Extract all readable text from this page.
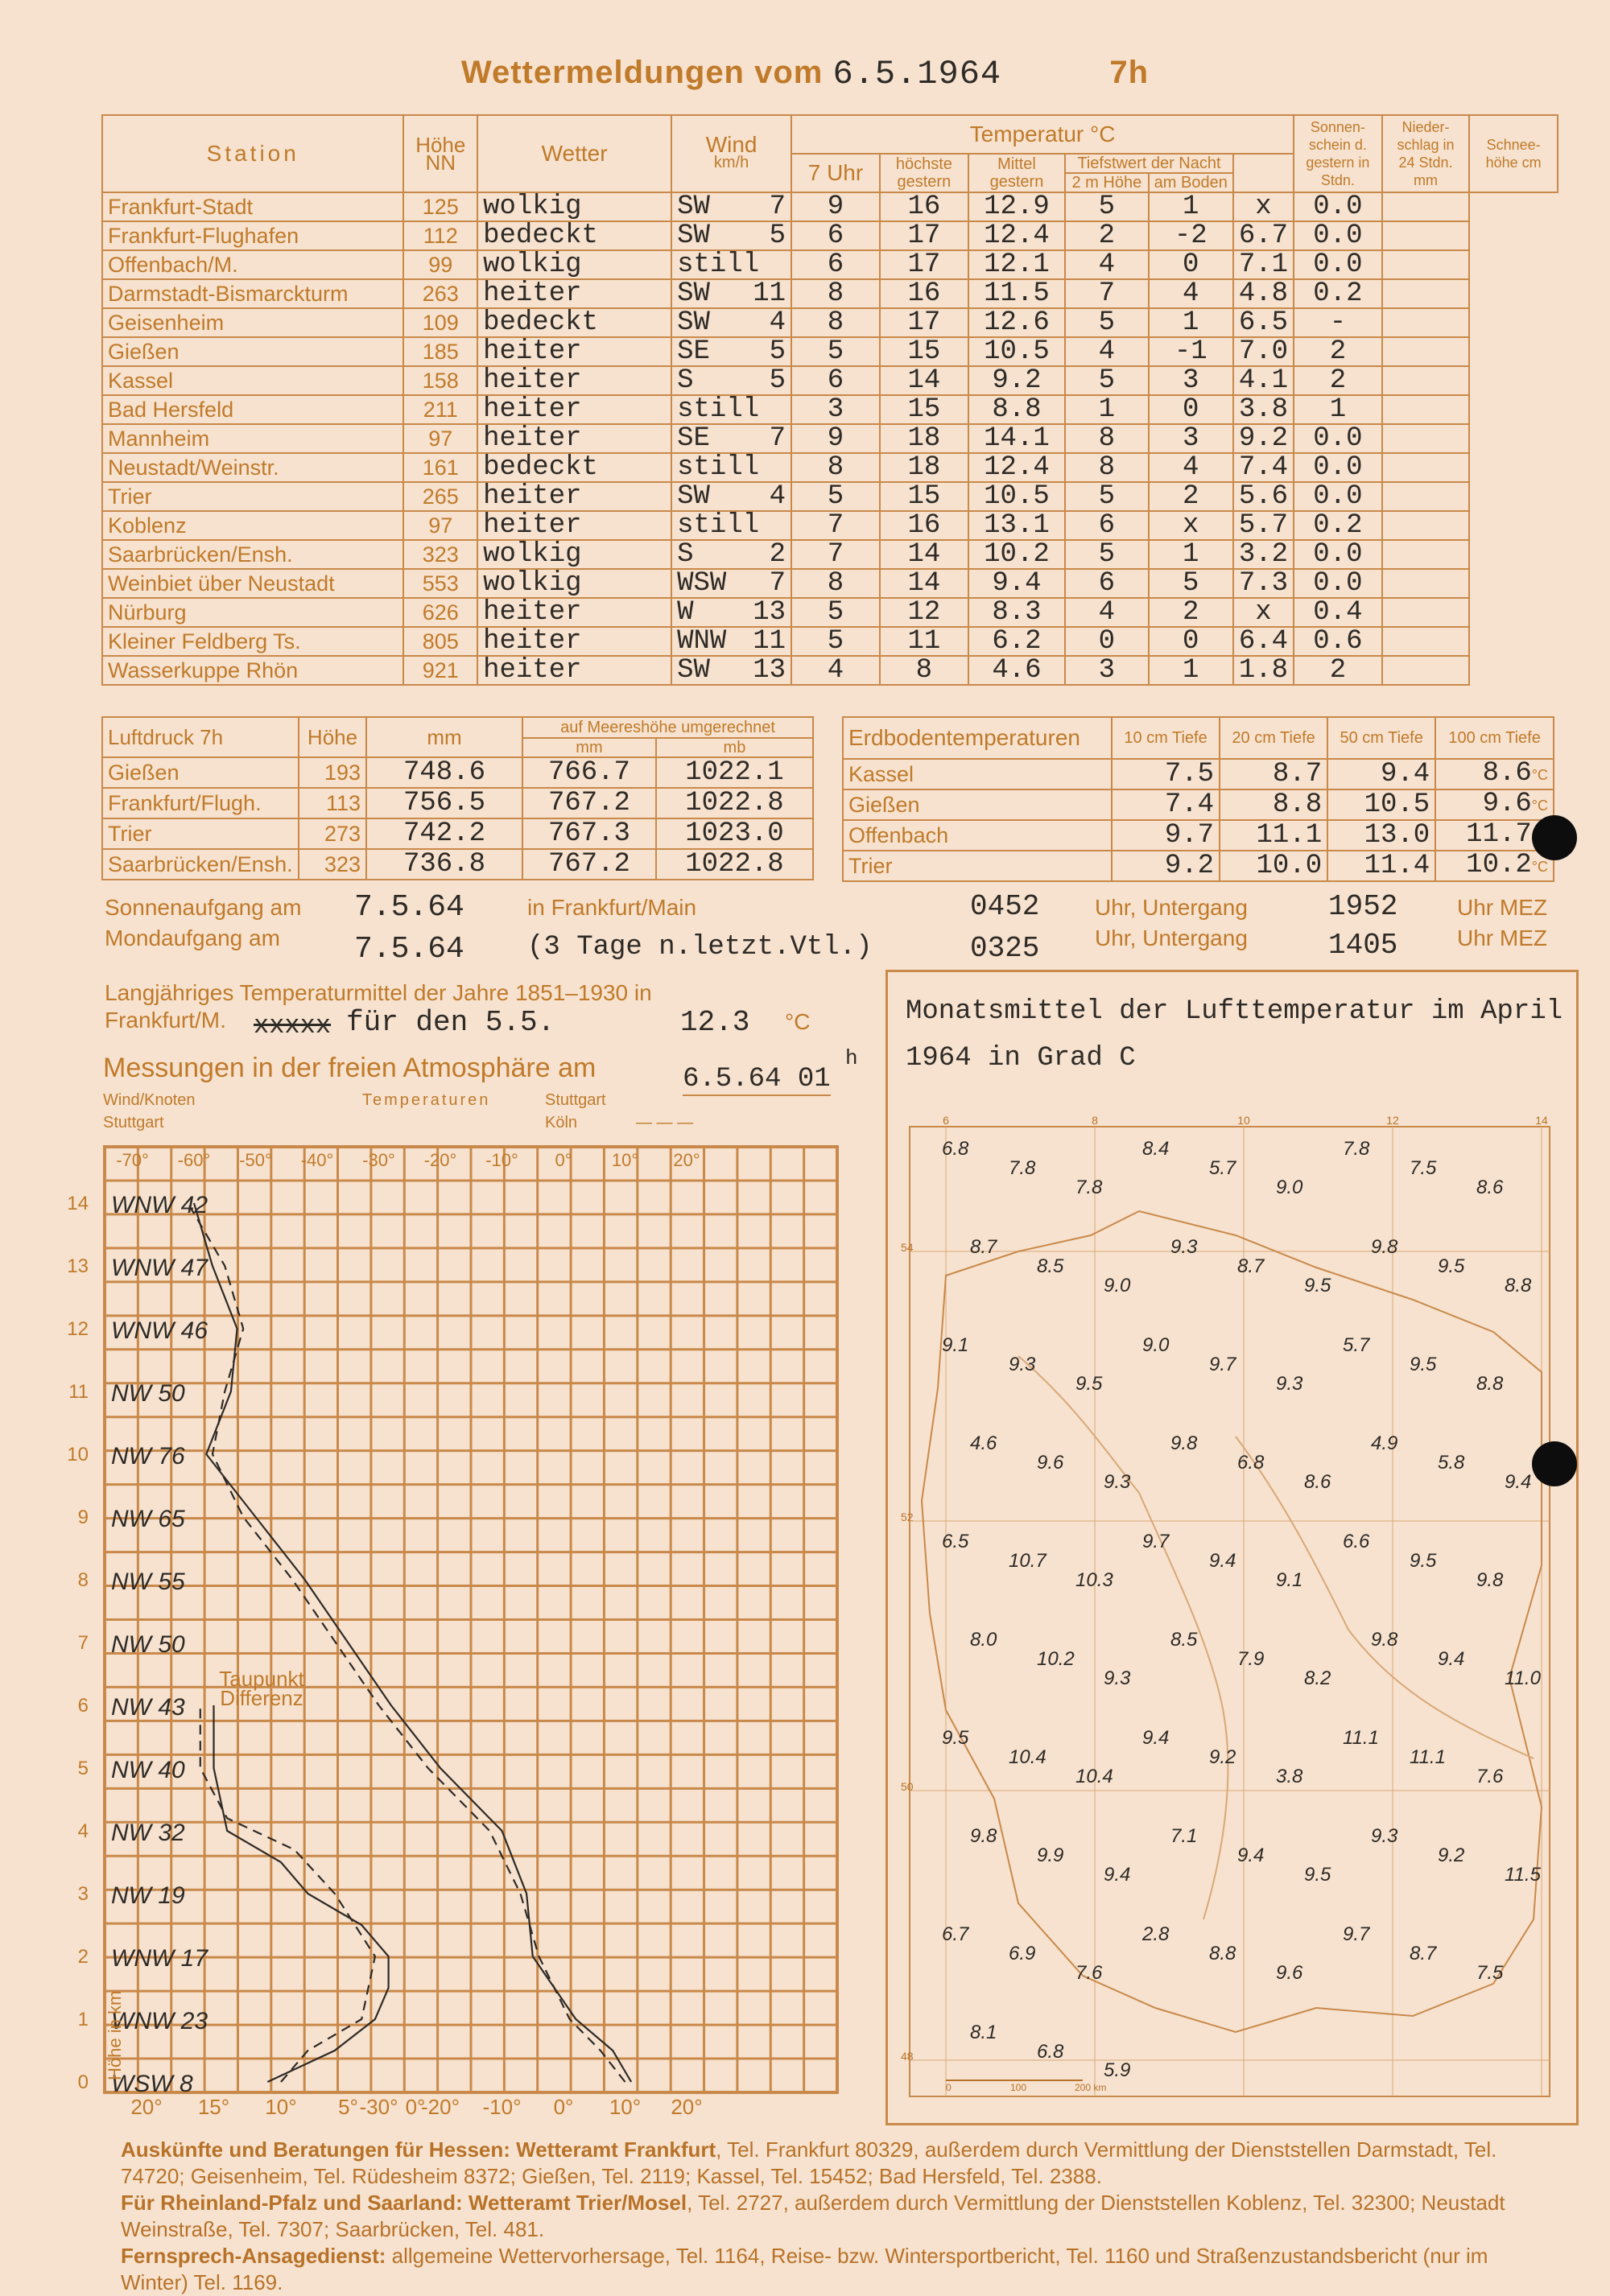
Wettermeldungen vom 6.5.1964	7h
Station	Höhe NN	Wetter	Wind
km/h	Temperatur °C						Sonnen- schein d. gestern in Stdn.	Nieder- schlag in 24 Stdn. mm	Schnee- höhe cm
				7 Uhr	höchste gestern	Mittel gestern	Tiefstwert der Nacht					
							2 m Höhe	am Boden				
Frankfurt-Stadt	125	wolkig	SW 7	9	16	12.9	5	1	x	0.0		
Frankfurt-Flughafen	112	bedeckt	SW 5	6	17	12.4	2	-2	6.7	0.0		
Offenbach/M.	99	wolkig	still	6	17	12.1	4	0	7.1	0.0		
Darmstadt-Bismarckturm	263	heiter	SW 11	8	16	11.5	7	4	4.8	0.2		
Geisenheim	109	bedeckt	SW 4	8	17	12.6	5	1	6.5	-		
Gießen	185	heiter	SE 5	5	15	10.5	4	-1	7.0	2		
Kassel	158	heiter	S 5	6	14	9.2	5	3	4.1	2		
Bad Hersfeld	211	heiter	still	3	15	8.8	1	0	3.8	1		
Mannheim	97	heiter	SE 7	9	18	14.1	8	3	9.2	0.0		
Neustadt/Weinstr.	161	bedeckt	still	8	18	12.4	8	4	7.4	0.0		
Trier	265	heiter	SW 4	5	15	10.5	5	2	5.6	0.0		
Koblenz	97	heiter	still	7	16	13.1	6	x	5.7	0.2		
Saarbrücken/Ensh.	323	wolkig	S 2	7	14	10.2	5	1	3.2	0.0		
Weinbiet über Neustadt	553	wolkig	WSW 7	8	14	9.4	6	5	7.3	0.0		
Nürburg	626	heiter	W 13	5	12	8.3	4	2	x	0.4		
Kleiner Feldberg Ts.	805	heiter	WNW 11	5	11	6.2	0	0	6.4	0.6		
Wasserkuppe Rhön	921	heiter	SW 13	4	8	4.6	3	1	1.8	2		
Luftdruck 7h	Höhe	mm	auf Meereshöhe umgerechnet	
			mm	mb
Gießen	193	748.6	766.7	1022.1
Frankfurt/Flugh.	113	756.5	767.2	1022.8
Trier	273	742.2	767.3	1023.0
Saarbrücken/Ensh.	323	736.8	767.2	1022.8
Erdbodentemperaturen	10 cm Tiefe	20 cm Tiefe	50 cm Tiefe	100 cm Tiefe
Kassel	7.5	8.7	9.4	8.6°C
Gießen	7.4	8.8	10.5	9.6°C
Offenbach	9.7	11.1	13.0	11.7
Trier	9.2	10.0	11.4	10.2°C
Sonnenaufgang am 7.5.64	in Frankfurt/Main	0452 Uhr, Untergang	1952	Uhr MEZ
Mondaufgang am 7.5.64 (3 Tage n.letzt.Vtl.)	0325 Uhr, Untergang	1405	Uhr MEZ
Langjähriges Temperaturmittel der Jahre 1851–1930 in
Frankfurt/M. xxxxx für den 5.5.	12.3 °C
Messungen in der freien Atmosphäre am	6.5.64 01
h
Wind/Knoten
Stuttgart
Temperaturen	Stuttgart
Köln	— — —
-70° -60° -50° -40° -30° -20° -10° 0° 10° 20°
20° 15° 10° 5° 0°
-30° -20° -10° 0° 10° 20°
14
13
12
11
10
9
8
7
6
5
4
3
2
1
0
WNW 42
WNW 47
WNW 46
NW 50
NW 76
NW 65
NW 55
NW 50
NW 43
NW 40
NW 32
NW 19
WNW 17
WNW 23
WSW 8
Taupunkt Differenz
Höhe in km
Monatsmittel der Lufttemperatur im April 1964 in Grad C
6	8	10	12	14
54
52
50
48
6.8
7.8
7.8
8.4
5.7
9.0
7.8
7.5
8.6
8.7
8.5
9.0
9.3
8.7
9.5
9.8
9.5
8.8
9.1
9.3
9.5
9.0
9.7
9.3
5.7
9.5
8.8
4.6
9.6
9.3
9.8
6.8
8.6
4.9
5.8
9.4
6.5
10.7
10.3
9.7
9.4
9.1
6.6
9.5
9.8
8.0
10.2
9.3
8.5
7.9
8.2
9.8
9.4
11.0
9.5
10.4
10.4
9.4
9.2
3.8
11.1
11.1
7.6
9.8
9.9
9.4
7.1
9.4
9.5
9.3
9.2
11.5
6.7
6.9
7.6
2.8
8.8
9.6
9.7
8.7
7.5
8.1
6.8
5.9
0	100	200 km
Auskünfte und Beratungen für Hessen: Wetteramt Frankfurt, Tel. Frankfurt 80329, außerdem durch Vermittlung der Dienststellen Darmstadt, Tel. 74720; Geisenheim, Tel. Rüdesheim 8372; Gießen, Tel. 2119; Kassel, Tel. 15452; Bad Hersfeld, Tel. 2388.
Für Rheinland-Pfalz und Saarland: Wetteramt Trier/Mosel, Tel. 2727, außerdem durch Vermittlung der Dienststellen Koblenz, Tel. 32300; Neustadt Weinstraße, Tel. 7307; Saarbrücken, Tel. 481.
Fernsprech-Ansagedienst: allgemeine Wettervorhersage, Tel. 1164, Reise- bzw. Wintersportbericht, Tel. 1160 und Straßenzustandsbericht (nur im Winter) Tel. 1169.
